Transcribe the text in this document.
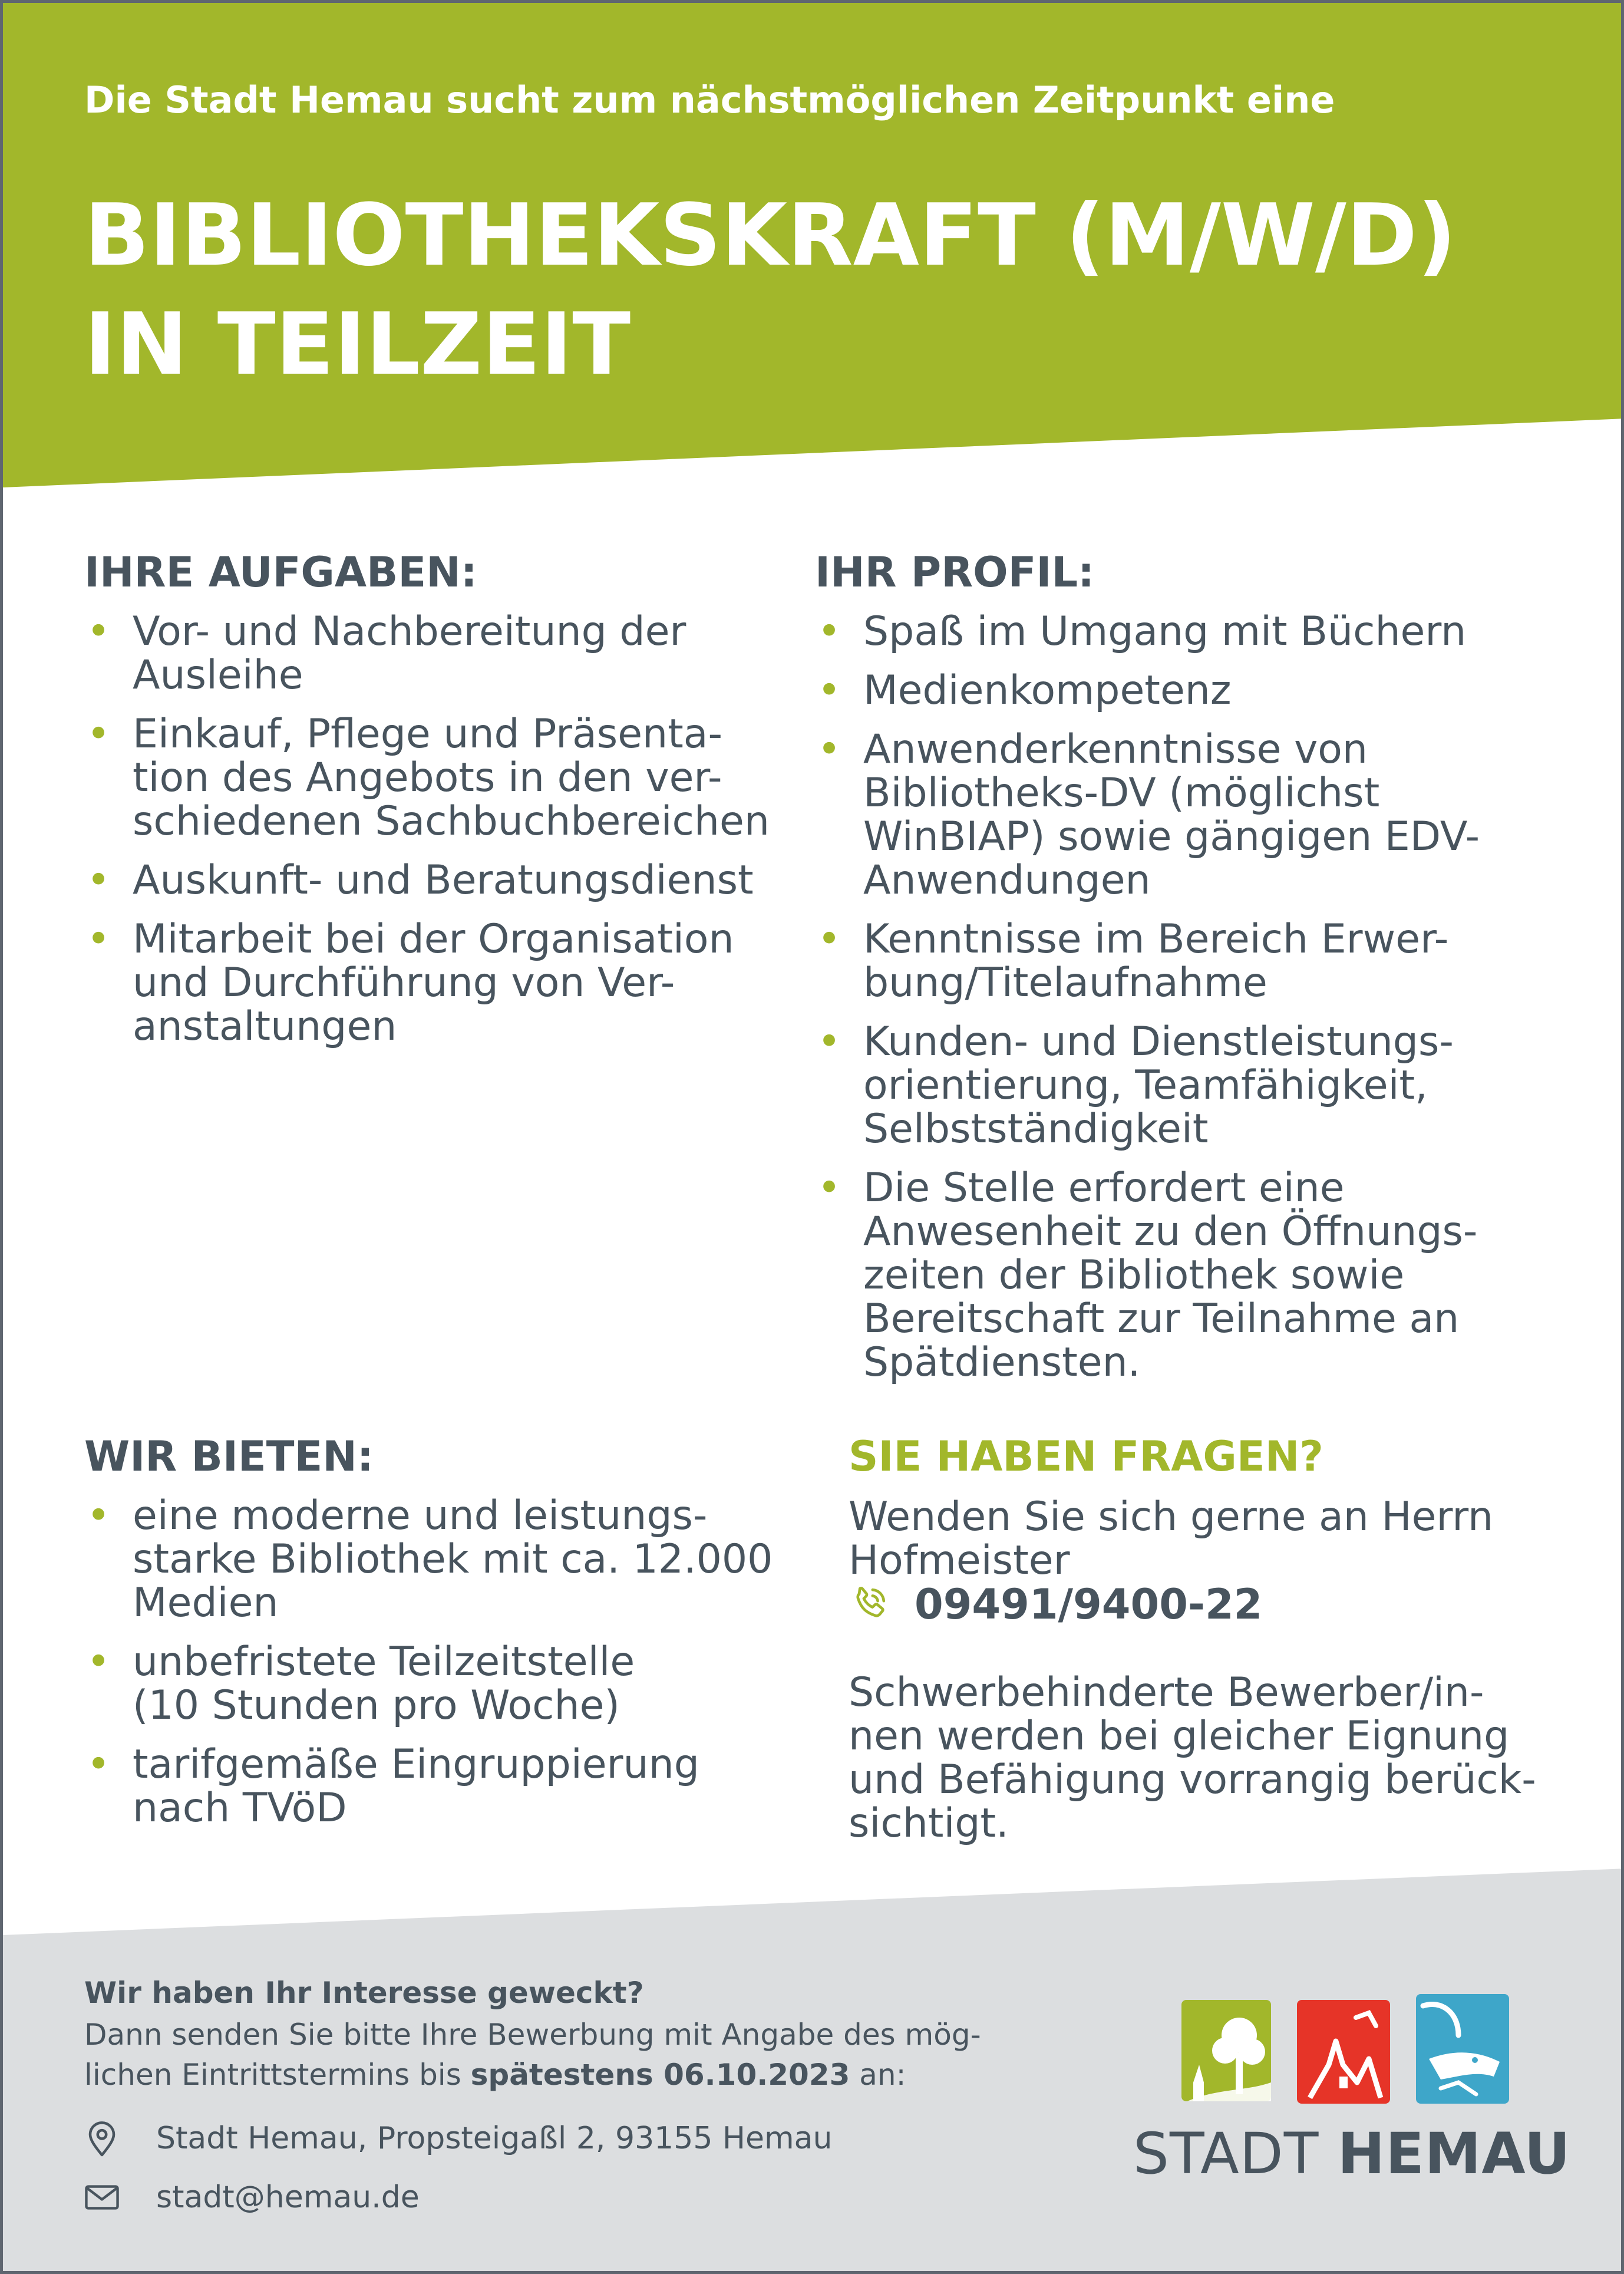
Die Stadt Hemau sucht zum nächstmöglichen Zeitpunkt eine

BIBLIOTHEKSKRAFT (M/W/D)
IN TEILZEIT
IHRE AUFGABEN:
• Vor- und Nachbereitung der
Ausleihe
• Einkauf, Pflege und Präsenta-
tion des Angebots in den ver-
schiedenen Sachbuchbereichen
• Auskunft- und Beratungsdienst
• Mitarbeit bei der Organisation
und Durchführung von Ver-
anstaltungen
IHR PROFIL:
• Spaß im Umgang mit Büchern
• Medienkompetenz
• Anwenderkenntnisse von
Bibliotheks-DV (möglichst
WinBIAP) sowie gängigen EDV-
Anwendungen
• Kenntnisse im Bereich Erwer-
bung/Titelaufnahme
• Kunden- und Dienstleistungs-
orientierung, Teamfähigkeit,
Selbstständigkeit
• Die Stelle erfordert eine
Anwesenheit zu den Öffnungs-
zeiten der Bibliothek sowie
Bereitschaft zur Teilnahme an
Spätdiensten.
WIR BIETEN:
• eine moderne und leistungs-
starke Bibliothek mit ca. 12.000
Medien
• unbefristete Teilzeitstelle
(10 Stunden pro Woche)
• tarifgemäße Eingruppierung
nach TVöD
SIE HABEN FRAGEN?
Wenden Sie sich gerne an Herrn
Hofmeister
09491/9400-22
Schwerbehinderte Bewerber/in-
nen werden bei gleicher Eignung
und Befähigung vorrangig berück-
sichtigt.

Wir haben Ihr Interesse geweckt?

Dann senden Sie bitte Ihre Bewerbung mit Angabe des mög-
lichen Eintrittstermins bis spätestens 06.10.2023 an:

Stadt Hemau, Propsteigaßl 2, 93155 Hemau
stadt@hemau.de
STADT HEMAU
